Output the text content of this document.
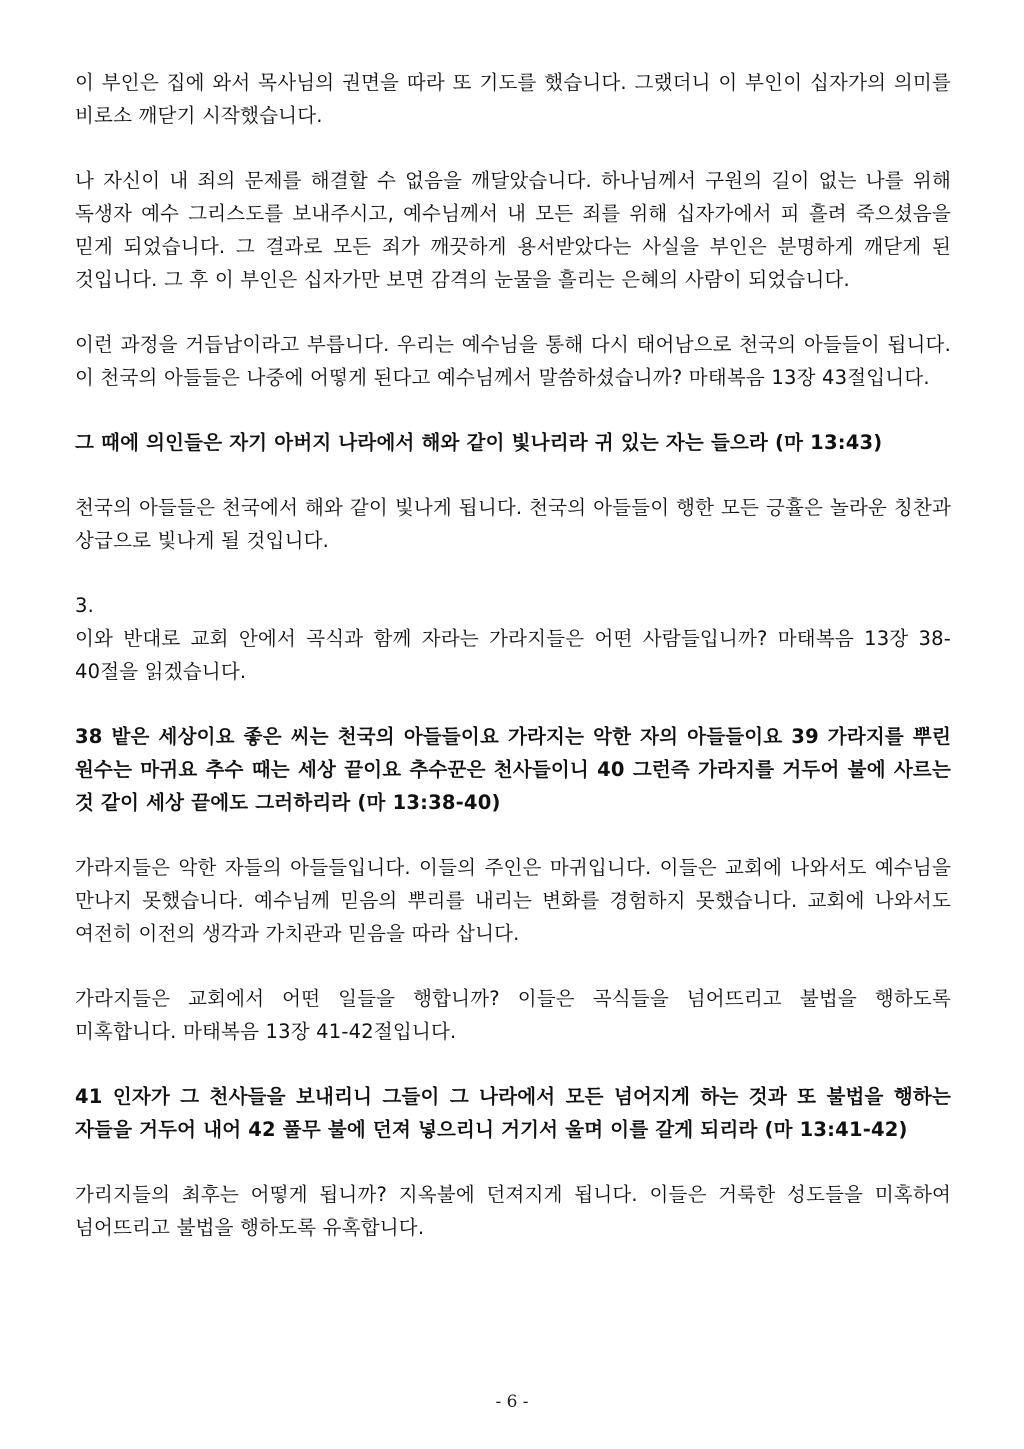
이 부인은 집에 와서 목사님의 권면을 따라 또 기도를 했습니다. 그랬더니 이 부인이 십자가의 의미를 비로소 깨닫기 시작했습니다.

나 자신이 내 죄의 문제를 해결할 수 없음을 깨달았습니다. 하나님께서 구원의 길이 없는 나를 위해 독생자 예수 그리스도를 보내주시고, 예수님께서 내 모든 죄를 위해 십자가에서 피 흘려 죽으셨음을 믿게 되었습니다. 그 결과로 모든 죄가 깨끗하게 용서받았다는 사실을 부인은 분명하게 깨닫게 된 것입니다. 그 후 이 부인은 십자가만 보면 감격의 눈물을 흘리는 은혜의 사람이 되었습니다.

이런 과정을 거듭남이라고 부릅니다. 우리는 예수님을 통해 다시 태어남으로 천국의 아들들이 됩니다. 이 천국의 아들들은 나중에 어떻게 된다고 예수님께서 말씀하셨습니까? 마태복음 13장 43절입니다.

그 때에 의인들은 자기 아버지 나라에서 해와 같이 빛나리라 귀 있는 자는 들으라 (마 13:43)

천국의 아들들은 천국에서 해와 같이 빛나게 됩니다. 천국의 아들들이 행한 모든 긍휼은 놀라운 칭찬과 상급으로 빛나게 될 것입니다.

3.

이와 반대로 교회 안에서 곡식과 함께 자라는 가라지들은 어떤 사람들입니까? 마태복음 13장 38-40절을 읽겠습니다.

38 밭은 세상이요 좋은 씨는 천국의 아들들이요 가라지는 악한 자의 아들들이요 39 가라지를 뿌린 원수는 마귀요 추수 때는 세상 끝이요 추수꾼은 천사들이니 40 그런즉 가라지를 거두어 불에 사르는 것 같이 세상 끝에도 그러하리라 (마 13:38-40)

가라지들은 악한 자들의 아들들입니다. 이들의 주인은 마귀입니다. 이들은 교회에 나와서도 예수님을 만나지 못했습니다. 예수님께 믿음의 뿌리를 내리는 변화를 경험하지 못했습니다. 교회에 나와서도 여전히 이전의 생각과 가치관과 믿음을 따라 삽니다.

가라지들은 교회에서 어떤 일들을 행합니까? 이들은 곡식들을 넘어뜨리고 불법을 행하도록 미혹합니다. 마태복음 13장 41-42절입니다.

41 인자가 그 천사들을 보내리니 그들이 그 나라에서 모든 넘어지게 하는 것과 또 불법을 행하는 자들을 거두어 내어 42 풀무 불에 던져 넣으리니 거기서 울며 이를 갈게 되리라 (마 13:41-42)

가리지들의 최후는 어떻게 됩니까? 지옥불에 던져지게 됩니다. 이들은 거룩한 성도들을 미혹하여 넘어뜨리고 불법을 행하도록 유혹합니다.

- 6 -
